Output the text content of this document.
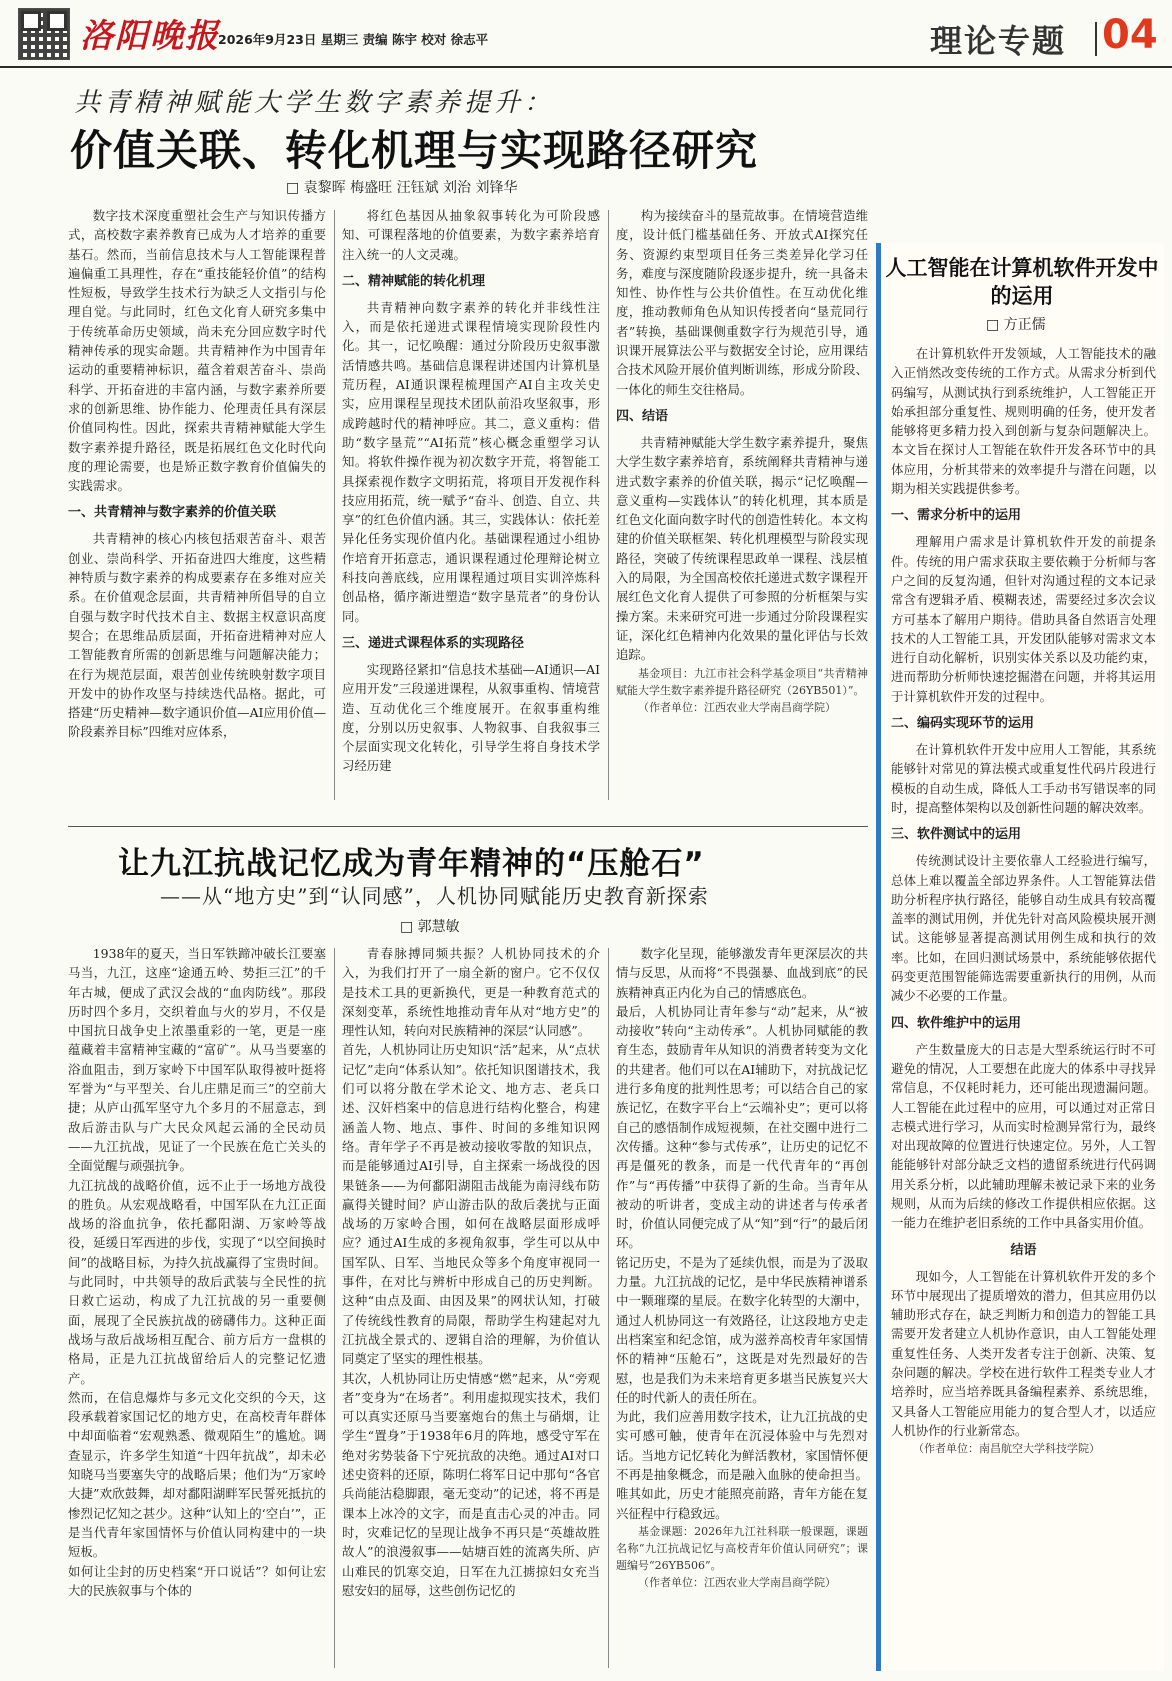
洛阳晚报
2026年9月23日 星期三 责编 陈宇 校对 徐志平	理论专题 04
共青精神赋能大学生数字素养提升：
价值关联、转化机理与实现路径研究
□ 袁黎晖 梅盛旺 汪钰斌 刘治 刘锋华

数字技术深度重塑社会生产与知识传播方式，高校数字素养教育已成为人才培养的重要基石。然而，当前信息技术与人工智能课程普遍偏重工具理性，存在“重技能轻价值”的结构性短板，导致学生技术行为缺乏人文指引与伦理自觉。与此同时，红色文化育人研究多集中于传统革命历史领域，尚未充分回应数字时代精神传承的现实命题。共青精神作为中国青年运动的重要精神标识，蕴含着艰苦奋斗、崇尚科学、开拓奋进的丰富内涵，与数字素养所要求的创新思维、协作能力、伦理责任具有深层价值同构性。因此，探索共青精神赋能大学生数字素养提升路径，既是拓展红色文化时代向度的理论需要，也是矫正数字教育价值偏失的实践需求。

一、共青精神与数字素养的价值关联

共青精神的核心内核包括艰苦奋斗、艰苦创业、崇尚科学、开拓奋进四大维度，这些精神特质与数字素养的构成要素存在多维对应关系。在价值观念层面，共青精神所倡导的自立自强与数字时代技术自主、数据主权意识高度契合；在思维品质层面，开拓奋进精神对应人工智能教育所需的创新思维与问题解决能力；在行为规范层面，艰苦创业传统映射数字项目开发中的协作攻坚与持续迭代品格。据此，可搭建“历史精神—数字通识价值—AI应用价值—阶段素养目标”四维对应体系，

将红色基因从抽象叙事转化为可阶段感知、可课程落地的价值要素，为数字素养培育注入统一的人文灵魂。

二、精神赋能的转化机理

共青精神向数字素养的转化并非线性注入，而是依托递进式课程情境实现阶段性内化。其一，记忆唤醒：通过分阶段历史叙事激活情感共鸣。基础信息课程讲述国内计算机垦荒历程，AI通识课程梳理国产AI自主攻关史实，应用课程呈现技术团队前沿攻坚叙事，形成跨越时代的精神呼应。其二，意义重构：借助“数字垦荒”“AI拓荒”核心概念重塑学习认知。将软件操作视为初次数字开荒，将智能工具探索视作数字文明拓荒，将项目开发视作科技应用拓荒，统一赋予“奋斗、创造、自立、共享”的红色价值内涵。其三，实践体认：依托差异化任务实现价值内化。基础课程通过小组协作培育开拓意志，通识课程通过伦理辩论树立科技向善底线，应用课程通过项目实训淬炼科创品格，循序渐进塑造“数字垦荒者”的身份认同。

三、递进式课程体系的实现路径

实现路径紧扣“信息技术基础—AI通识—AI应用开发”三段递进课程，从叙事重构、情境营造、互动优化三个维度展开。在叙事重构维度，分别以历史叙事、人物叙事、自我叙事三个层面实现文化转化，引导学生将自身技术学习经历建

构为接续奋斗的垦荒故事。在情境营造维度，设计低门槛基础任务、开放式AI探究任务、资源约束型项目任务三类差异化学习任务，难度与深度随阶段逐步提升，统一具备未知性、协作性与公共价值性。在互动优化维度，推动教师角色从知识传授者向“垦荒同行者”转换，基础课侧重数字行为规范引导，通识课开展算法公平与数据安全讨论，应用课结合技术风险开展价值判断训练，形成分阶段、一体化的师生交往格局。

四、结语

共青精神赋能大学生数字素养提升，聚焦大学生数字素养培育，系统阐释共青精神与递进式数字素养的价值关联，揭示“记忆唤醒—意义重构—实践体认”的转化机理，其本质是红色文化面向数字时代的创造性转化。本文构建的价值关联框架、转化机理模型与阶段实现路径，突破了传统课程思政单一课程、浅层植入的局限，为全国高校依托递进式数字课程开展红色文化育人提供了可参照的分析框架与实操方案。未来研究可进一步通过分阶段课程实证，深化红色精神内化效果的量化评估与长效追踪。

基金项目：九江市社会科学基金项目“共青精神赋能大学生数字素养提升路径研究（26YB501）”。

（作者单位：江西农业大学南昌商学院）

人工智能在计算机软件开发中的运用
□ 方正儒

在计算机软件开发领域，人工智能技术的融入正悄然改变传统的工作方式。从需求分析到代码编写，从测试执行到系统维护，人工智能正开始承担部分重复性、规则明确的任务，使开发者能够将更多精力投入到创新与复杂问题解决上。本文旨在探讨人工智能在软件开发各环节中的具体应用，分析其带来的效率提升与潜在问题，以期为相关实践提供参考。

一、需求分析中的运用

理解用户需求是计算机软件开发的前提条件。传统的用户需求获取主要依赖于分析师与客户之间的反复沟通，但针对沟通过程的文本记录常含有逻辑矛盾、模糊表述，需要经过多次会议方可基本了解用户期待。借助具备自然语言处理技术的人工智能工具，开发团队能够对需求文本进行自动化解析，识别实体关系以及功能约束，进而帮助分析师快速挖掘潜在问题，并将其运用于计算机软件开发的过程中。

二、编码实现环节的运用

在计算机软件开发中应用人工智能，其系统能够针对常见的算法模式或重复性代码片段进行模板的自动生成，降低人工手动书写错误率的同时，提高整体架构以及创新性问题的解决效率。

三、软件测试中的运用

传统测试设计主要依靠人工经验进行编写，总体上难以覆盖全部边界条件。人工智能算法借助分析程序执行路径，能够自动生成具有较高覆盖率的测试用例，并优先针对高风险模块展开测试。这能够显著提高测试用例生成和执行的效率。比如，在回归测试场景中，系统能够依据代码变更范围智能筛选需要重新执行的用例，从而减少不必要的工作量。

四、软件维护中的运用

产生数量庞大的日志是大型系统运行时不可避免的情况，人工要想在此庞大的体系中寻找异常信息，不仅耗时耗力，还可能出现遗漏问题。人工智能在此过程中的应用，可以通过对正常日志模式进行学习，从而实时检测异常行为，最终对出现故障的位置进行快速定位。另外，人工智能能够针对部分缺乏文档的遗留系统进行代码调用关系分析，以此辅助理解未被记录下来的业务规则，从而为后续的修改工作提供相应依据。这一能力在维护老旧系统的工作中具备实用价值。

结语

现如今，人工智能在计算机软件开发的多个环节中展现出了提质增效的潜力，但其应用仍以辅助形式存在，缺乏判断力和创造力的智能工具需要开发者建立人机协作意识，由人工智能处理重复性任务、人类开发者专注于创新、决策、复杂问题的解决。学校在进行软件工程类专业人才培养时，应当培养既具备编程素养、系统思维，又具备人工智能应用能力的复合型人才，以适应人机协作的行业新常态。

（作者单位：南昌航空大学科技学院）

让九江抗战记忆成为青年精神的“压舱石”
——从“地方史”到“认同感”，人机协同赋能历史教育新探索
□ 郭慧敏
1938年的夏天，当日军铁蹄冲破长江要塞马当，九江，这座“途通五岭、势拒三江”的千年古城，便成了武汉会战的“血肉防线”。那段历时四个多月，交织着血与火的岁月，不仅是中国抗日战争史上浓墨重彩的一笔，更是一座蕴藏着丰富精神宝藏的“富矿”。从马当要塞的浴血阻击，到万家岭下中国军队取得被叶挺将军誉为“与平型关、台儿庄鼎足而三”的空前大捷；从庐山孤军坚守九个多月的不屈意志，到敌后游击队与广大民众风起云涌的全民动员——九江抗战，见证了一个民族在危亡关头的全面觉醒与顽强抗争。
九江抗战的战略价值，远不止于一场地方战役的胜负。从宏观战略看，中国军队在九江正面战场的浴血抗争，依托鄱阳湖、万家岭等战役，延缓日军西进的步伐，实现了“以空间换时间”的战略目标，为持久抗战赢得了宝贵时间。与此同时，中共领导的敌后武装与全民性的抗日救亡运动，构成了九江抗战的另一重要侧面，展现了全民族抗战的磅礴伟力。这种正面战场与敌后战场相互配合、前方后方一盘棋的格局，正是九江抗战留给后人的完整记忆遗产。
然而，在信息爆炸与多元文化交织的今天，这段承载着家国记忆的地方史，在高校青年群体中却面临着“宏观熟悉、微观陌生”的尴尬。调查显示，许多学生知道“十四年抗战”，却未必知晓马当要塞失守的战略后果；他们为“万家岭大捷”欢欣鼓舞，却对鄱阳湖畔军民誓死抵抗的惨烈记忆知之甚少。这种“认知上的‘空白’”，正是当代青年家国情怀与价值认同构建中的一块短板。
如何让尘封的历史档案“开口说话”？如何让宏大的民族叙事与个体的
青春脉搏同频共振？人机协同技术的介入，为我们打开了一扇全新的窗户。它不仅仅是技术工具的更新换代，更是一种教育范式的深刻变革，系统性地推动青年从对“地方史”的理性认知，转向对民族精神的深层“认同感”。
首先，人机协同让历史知识“活”起来，从“点状记忆”走向“体系认知”。依托知识图谱技术，我们可以将分散在学术论文、地方志、老兵口述、汉奸档案中的信息进行结构化整合，构建涵盖人物、地点、事件、时间的多维知识网络。青年学子不再是被动接收零散的知识点，而是能够通过AI引导，自主探索一场战役的因果链条——为何鄱阳湖阻击战能为南浔线布防赢得关键时间？庐山游击队的敌后袭扰与正面战场的万家岭合围，如何在战略层面形成呼应？通过AI生成的多视角叙事，学生可以从中国军队、日军、当地民众等多个角度审视同一事件，在对比与辨析中形成自己的历史判断。这种“由点及面、由因及果”的网状认知，打破了传统线性教育的局限，帮助学生构建起对九江抗战全景式的、逻辑自洽的理解，为价值认同奠定了坚实的理性根基。
其次，人机协同让历史情感“燃”起来，从“旁观者”变身为“在场者”。利用虚拟现实技术，我们可以真实还原马当要塞炮台的焦土与硝烟，让学生“置身”于1938年6月的阵地，感受守军在绝对劣势装备下宁死抗敌的决绝。通过AI对口述史资料的还原，陈明仁将军日记中那句“各官兵尚能沽稳脚跟，毫无变动”的记述，将不再是课本上冰冷的文字，而是直击心灵的冲击。同时，灾难记忆的呈现让战争不再只是“英雄故胜故人”的浪漫叙事——姑塘百姓的流离失所、庐山难民的饥寒交迫，日军在九江掳掠妇女充当慰安妇的屈辱，这些创伤记忆的
数字化呈现，能够激发青年更深层次的共情与反思，从而将“不畏强暴、血战到底”的民族精神真正内化为自己的情感底色。
最后，人机协同让青年参与“动”起来，从“被动接收”转向“主动传承”。人机协同赋能的教育生态，鼓励青年从知识的消费者转变为文化的共建者。他们可以在AI辅助下，对抗战记忆进行多角度的批判性思考；可以结合自己的家族记忆，在数字平台上“云端补史”；更可以将自己的感悟制作成短视频，在社交圈中进行二次传播。这种“参与式传承”，让历史的记忆不再是僵死的教条，而是一代代青年的“再创作”与“再传播”中获得了新的生命。当青年从被动的听讲者，变成主动的讲述者与传承者时，价值认同便完成了从“知”到“行”的最后闭环。
铭记历史，不是为了延续仇恨，而是为了汲取力量。九江抗战的记忆，是中华民族精神谱系中一颗璀璨的星辰。在数字化转型的大潮中，通过人机协同这一有效路径，让这段地方史走出档案室和纪念馆，成为滋养高校青年家国情怀的精神“压舱石”，这既是对先烈最好的告慰，也是我们为未来培育更多堪当民族复兴大任的时代新人的责任所在。
为此，我们应善用数字技术，让九江抗战的史实可感可触，使青年在沉浸体验中与先烈对话。当地方记忆转化为鲜活教材，家国情怀便不再是抽象概念，而是融入血脉的使命担当。唯其如此，历史才能照亮前路，青年方能在复兴征程中行稳致远。

基金课题：2026年九江社科联一般课题，课题名称“九江抗战记忆与高校青年价值认同研究”；课题编号“26YB506”。

（作者单位：江西农业大学南昌商学院）
